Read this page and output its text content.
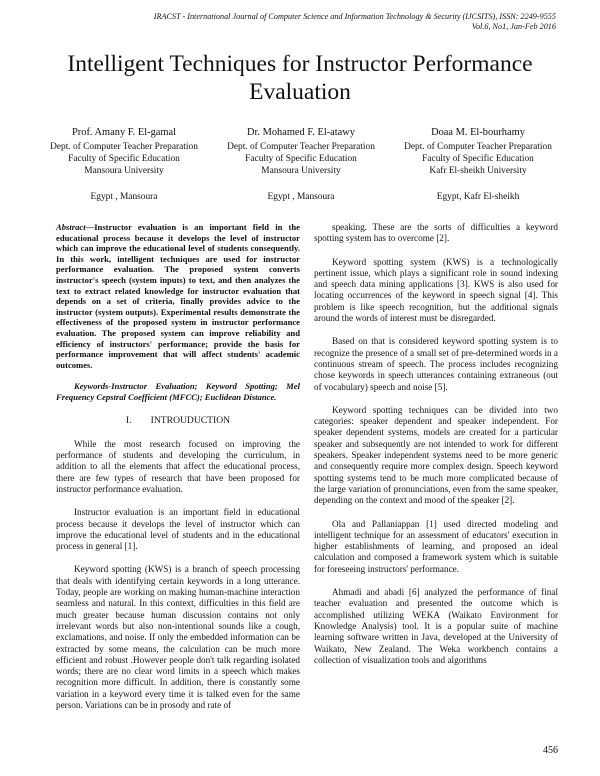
IRACST - International Journal of Computer Science and Information Technology & Security (IJCSITS), ISSN: 2249-9555
Vol.6, No1, Jan-Feb 2016
Intelligent Techniques for Instructor Performance Evaluation
Prof. Amany F. El-gamal
Dept. of Computer Teacher Preparation
Faculty of Specific Education
Mansoura University
Egypt , Mansoura
Dr. Mohamed F. El-atawy
Dept. of Computer Teacher Preparation
Faculty of Specific Education
Mansoura University
Egypt , Mansoura
Doaa M. El-bourhamy
Dept. of Computer Teacher Preparation
Faculty of Specific Education
Kafr El-sheikh University
Egypt, Kafr El-sheikh

Abstract—Instructor evaluation is an important field in the educational process because it develops the level of instructor which can improve the educational level of students consequently. In this work, intelligent techniques are used for instructor performance evaluation. The proposed system converts instructor's speech (system inputs) to text, and then analyzes the text to extract related knowledge for instructor evaluation that depends on a set of criteria, finally provides advice to the instructor (system outputs). Experimental results demonstrate the effectiveness of the proposed system in instructor performance evaluation. The proposed system can improve reliability and efficiency of instructors' performance; provide the basis for performance improvement that will affect students' academic outcomes.

Keywords-Instructor Evaluation; Keyword Spotting; Mel Frequency Cepstral Coefficient (MFCC); Euclidean Distance.

I.  INTROUDUCTION

While the most research focused on improving the performance of students and developing the curriculum, in addition to all the elements that affect the educational process, there are few types of research that have been proposed for instructor performance evaluation.

Instructor evaluation is an important field in educational process because it develops the level of instructor which can improve the educational level of students and in the educational process in general [1].

Keyword spotting (KWS) is a branch of speech processing that deals with identifying certain keywords in a long utterance. Today, people are working on making human-machine interaction seamless and natural. In this context, difficulties in this field are much greater because human discussion contains not only irrelevant words but also non-intentional sounds like a cough, exclamations, and noise. If only the embedded information can be extracted by some means, the calculation can be much more efficient and robust .However people don't talk regarding isolated words; there are no clear word limits in a speech which makes recognition more difficult. In addition, there is constantly some variation in a keyword every time it is talked even for the same person. Variations can be in prosody and rate of

speaking. These are the sorts of difficulties a keyword spotting system has to overcome [2].

Keyword spotting system (KWS) is a technologically pertinent issue, which plays a significant role in sound indexing and speech data mining applications [3]. KWS is also used for locating occurrences of the keyword in speech signal [4]. This problem is like speech recognition, but the additional signals around the words of interest must be disregarded.

Based on that is considered keyword spotting system is to recognize the presence of a small set of pre-determined words in a continuous stream of speech. The process includes recognizing chose keywords in speech utterances containing extraneous (out of vocabulary) speech and noise [5].

Keyword spotting techniques can be divided into two categories: speaker dependent and speaker independent. For speaker dependent systems, models are created for a particular speaker and subsequently are not intended to work for different speakers. Speaker independent systems need to be more generic and consequently require more complex design. Speech keyword spotting systems tend to be much more complicated because of the large variation of pronunciations, even from the same speaker, depending on the context and mood of the speaker [2].

Ola and Pallaniappan [1] used directed modeling and intelligent technique for an assessment of educators' execution in higher establishments of learning, and proposed an ideal calculation and composed a framework system which is suitable for foreseeing instructors' performance.

Ahmadi and abadi [6] analyzed the performance of final teacher evaluation and presented the outcome which is accomplished utilizing WEKA (Waikato Environment for Knowledge Analysis) tool. It is a popular suite of machine learning software written in Java, developed at the University of Waikato, New Zealand. The Weka workbench contains a collection of visualization tools and algorithms

456
